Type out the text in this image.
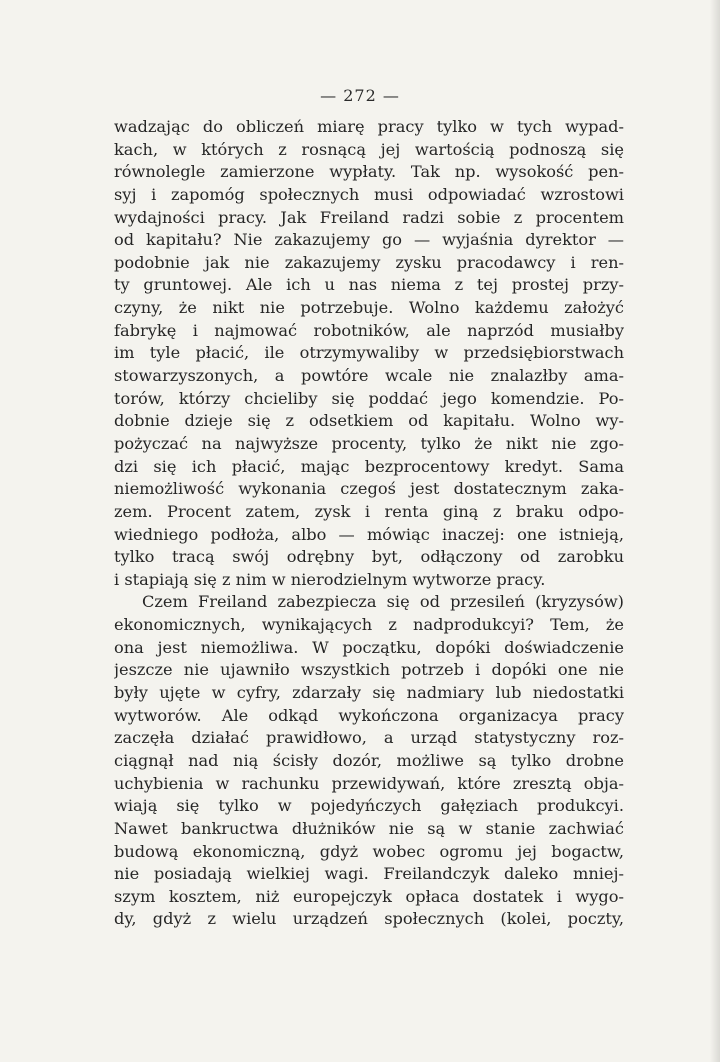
— 272 —
wadzając do obliczeń miarę pracy tylko w tych wypad-
kach, w których z rosnącą jej wartością podnoszą się
równolegle zamierzone wypłaty. Tak np. wysokość pen-
syj i zapomóg społecznych musi odpowiadać wzrostowi
wydajności pracy. Jak Freiland radzi sobie z procentem
od kapitału? Nie zakazujemy go — wyjaśnia dyrektor —
podobnie jak nie zakazujemy zysku pracodawcy i ren-
ty gruntowej. Ale ich u nas niema z tej prostej przy-
czyny, że nikt nie potrzebuje. Wolno każdemu założyć
fabrykę i najmować robotników, ale naprzód musiałby
im tyle płacić, ile otrzymywaliby w przedsiębiorstwach
stowarzyszonych, a powtóre wcale nie znalazłby ama-
torów, którzy chcieliby się poddać jego komendzie. Po-
dobnie dzieje się z odsetkiem od kapitału. Wolno wy-
pożyczać na najwyższe procenty, tylko że nikt nie zgo-
dzi się ich płacić, mając bezprocentowy kredyt. Sama
niemożliwość wykonania czegoś jest dostatecznym zaka-
zem. Procent zatem, zysk i renta giną z braku odpo-
wiedniego podłoża, albo — mówiąc inaczej: one istnieją,
tylko tracą swój odrębny byt, odłączony od zarobku
i stapiają się z nim w nierodzielnym wytworze pracy.
Czem Freiland zabezpiecza się od przesileń (kryzysów)
ekonomicznych, wynikających z nadprodukcyi? Tem, że
ona jest niemożliwa. W początku, dopóki doświadczenie
jeszcze nie ujawniło wszystkich potrzeb i dopóki one nie
były ujęte w cyfry, zdarzały się nadmiary lub niedostatki
wytworów. Ale odkąd wykończona organizacya pracy
zaczęła działać prawidłowo, a urząd statystyczny roz-
ciągnął nad nią ścisły dozór, możliwe są tylko drobne
uchybienia w rachunku przewidywań, które zresztą obja-
wiają się tylko w pojedyńczych gałęziach produkcyi.
Nawet bankructwa dłużników nie są w stanie zachwiać
budową ekonomiczną, gdyż wobec ogromu jej bogactw,
nie posiadają wielkiej wagi. Freilandczyk daleko mniej-
szym kosztem, niż europejczyk opłaca dostatek i wygo-
dy, gdyż z wielu urządzeń społecznych (kolei, poczty,
